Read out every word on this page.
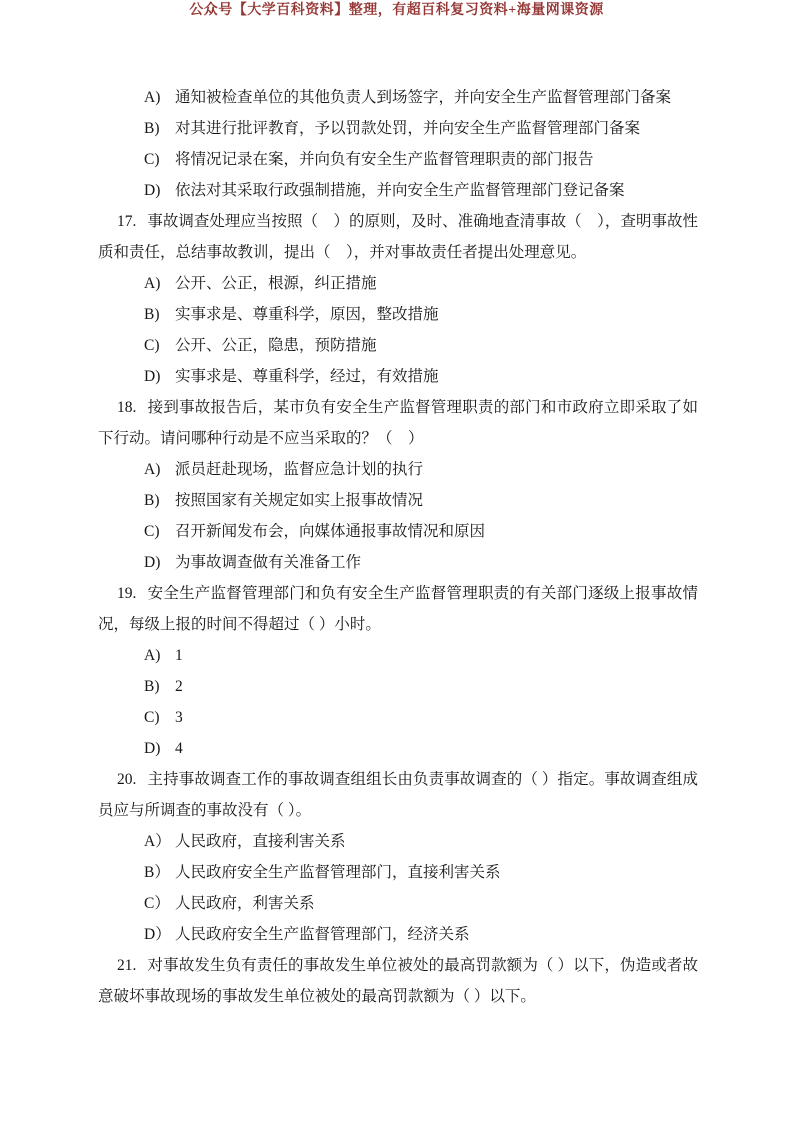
公众号【大学百科资料】整理，有超百科复习资料+海量网课资源

A) 通知被检查单位的其他负责人到场签字，并向安全生产监督管理部门备案

B) 对其进行批评教育，予以罚款处罚，并向安全生产监督管理部门备案

C) 将情况记录在案，并向负有安全生产监督管理职责的部门报告

D) 依法对其采取行政强制措施，并向安全生产监督管理部门登记备案

17. 事故调查处理应当按照（　）的原则，及时、准确地查清事故（　），查明事故性质和责任，总结事故教训，提出（　），并对事故责任者提出处理意见。

A) 公开、公正，根源，纠正措施

B) 实事求是、尊重科学，原因，整改措施

C) 公开、公正，隐患，预防措施

D) 实事求是、尊重科学，经过，有效措施

18. 接到事故报告后，某市负有安全生产监督管理职责的部门和市政府立即采取了如下行动。请问哪种行动是不应当采取的？（　）

A) 派员赶赴现场，监督应急计划的执行

B) 按照国家有关规定如实上报事故情况

C) 召开新闻发布会，向媒体通报事故情况和原因

D) 为事故调查做有关准备工作

19. 安全生产监督管理部门和负有安全生产监督管理职责的有关部门逐级上报事故情况，每级上报的时间不得超过（ ）小时。

A) 1

B) 2

C) 3

D) 4

20. 主持事故调查工作的事故调查组组长由负责事故调查的（ ）指定。事故调查组成员应与所调查的事故没有（ ）。

A） 人民政府，直接利害关系

B） 人民政府安全生产监督管理部门，直接利害关系

C） 人民政府，利害关系

D） 人民政府安全生产监督管理部门，经济关系

21. 对事故发生负有责任的事故发生单位被处的最高罚款额为（ ）以下，伪造或者故意破坏事故现场的事故发生单位被处的最高罚款额为（ ）以下。
